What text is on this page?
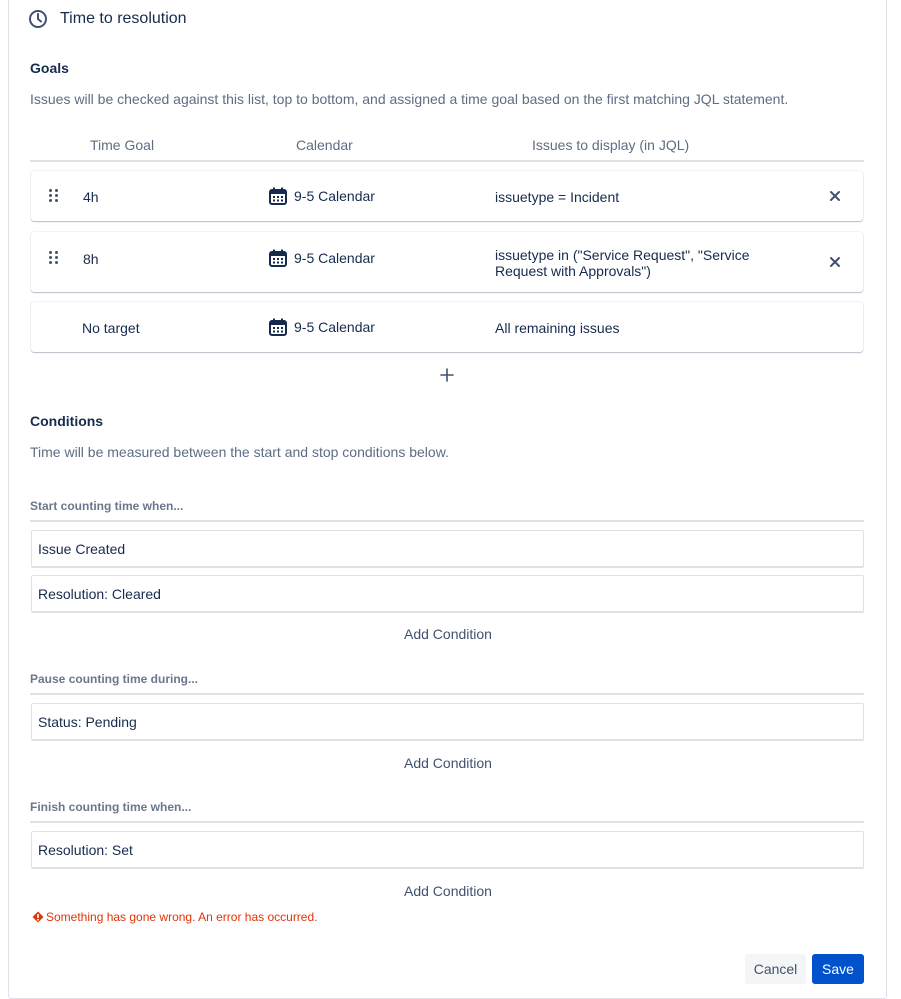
Time to resolution
Goals
Issues will be checked against this list, top to bottom, and assigned a time goal based on the first matching JQL statement.
Time Goal	Calendar	Issues to display (in JQL)
4h	9-5 Calendar	issuetype = Incident
8h	9-5 Calendar	issuetype in ("Service Request", "Service Request with Approvals")
No target	9-5 Calendar	All remaining issues
Conditions
Time will be measured between the start and stop conditions below.
Start counting time when...
Issue Created
Resolution: Cleared
Add Condition
Pause counting time during...
Status: Pending
Add Condition
Finish counting time when...
Resolution: Set
Add Condition
Something has gone wrong. An error has occurred.
Cancel	Save
